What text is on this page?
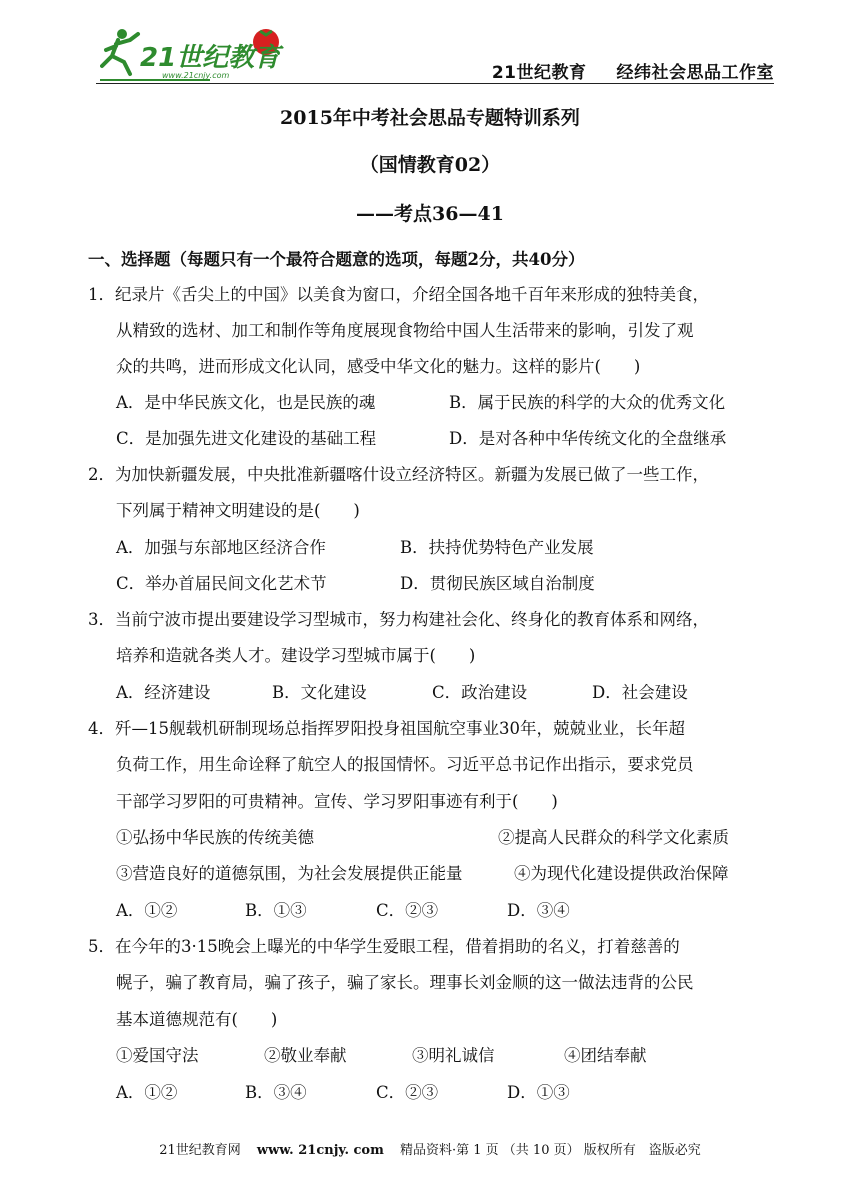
21世纪教育
www.21cnjy.com	21世纪教育 经纬社会思品工作室
2015年中考社会思品专题特训系列
（国情教育02）
——考点36—41
一、选择题（每题只有一个最符合题意的选项，每题2分，共40分）
1．纪录片《舌尖上的中国》以美食为窗口，介绍全国各地千百年来形成的独特美食，
从精致的选材、加工和制作等角度展现食物给中国人生活带来的影响，引发了观
众的共鸣，进而形成文化认同，感受中华文化的魅力。这样的影片(　　)
A．是中华民族文化，也是民族的魂	B．属于民族的科学的大众的优秀文化
C．是加强先进文化建设的基础工程	D．是对各种中华传统文化的全盘继承
2．为加快新疆发展，中央批准新疆喀什设立经济特区。新疆为发展已做了一些工作，
下列属于精神文明建设的是(　　)
A．加强与东部地区经济合作	B．扶持优势特色产业发展
C．举办首届民间文化艺术节	D．贯彻民族区域自治制度
3．当前宁波市提出要建设学习型城市，努力构建社会化、终身化的教育体系和网络，
培养和造就各类人才。建设学习型城市属于(　　)
A．经济建设	B．文化建设	C．政治建设	D．社会建设
4．歼—15舰载机研制现场总指挥罗阳投身祖国航空事业30年，兢兢业业，长年超
负荷工作，用生命诠释了航空人的报国情怀。习近平总书记作出指示，要求党员
干部学习罗阳的可贵精神。宣传、学习罗阳事迹有利于(　　)
①弘扬中华民族的传统美德	②提高人民群众的科学文化素质
③营造良好的道德氛围，为社会发展提供正能量	④为现代化建设提供政治保障
A．①②	B．①③	C．②③	D．③④
5．在今年的3·15晚会上曝光的中华学生爱眼工程，借着捐助的名义，打着慈善的
幌子，骗了教育局，骗了孩子，骗了家长。理事长刘金顺的这一做法违背的公民
基本道德规范有(　　)
①爱国守法	②敬业奉献	③明礼诚信	④团结奉献
A．①②	B．③④	C．②③	D．①③
21世纪教育网 www. 21cnjy. com 精品资料·第 1 页 （共 10 页） 版权所有　盗版必究
